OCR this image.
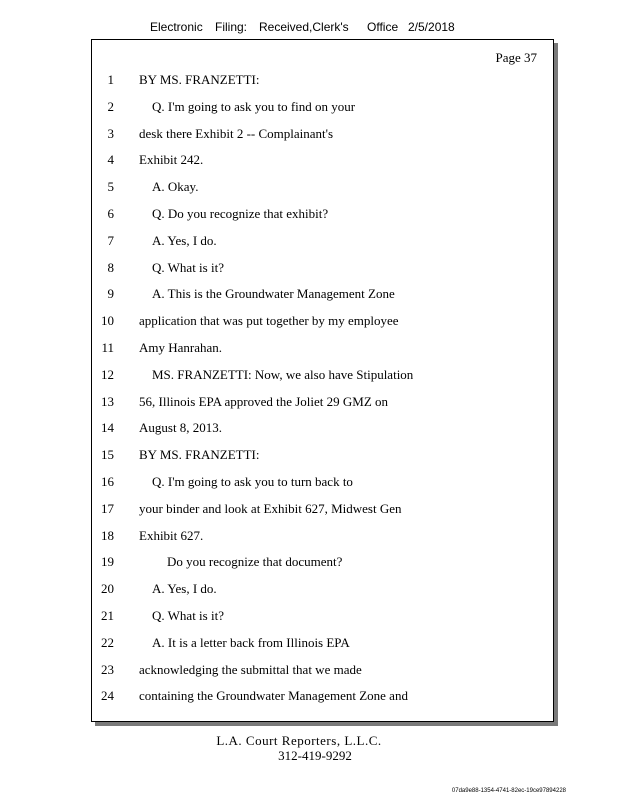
Electronic Filing: Received,Clerk's Office 2/5/2018
Page 37
1 BY MS. FRANZETTI:
2	Q. I'm going to ask you to find on your
3 desk there Exhibit 2 -- Complainant's
4 Exhibit 242.
5	A. Okay.
6	Q. Do you recognize that exhibit?
7	A. Yes, I do.
8	Q. What is it?
9	A. This is the Groundwater Management Zone
10 application that was put together by my employee
11 Amy Hanrahan.
12	MS. FRANZETTI: Now, we also have Stipulation
13 56, Illinois EPA approved the Joliet 29 GMZ on
14 August 8, 2013.
15 BY MS. FRANZETTI:
16	Q. I'm going to ask you to turn back to
17 your binder and look at Exhibit 627, Midwest Gen
18 Exhibit 627.
19	Do you recognize that document?
20	A. Yes, I do.
21	Q. What is it?
22	A. It is a letter back from Illinois EPA
23 acknowledging the submittal that we made
24 containing the Groundwater Management Zone and
L.A. Court Reporters, L.L.C.
312-419-9292
07da9e88-1354-4741-82ec-19ce97894228
